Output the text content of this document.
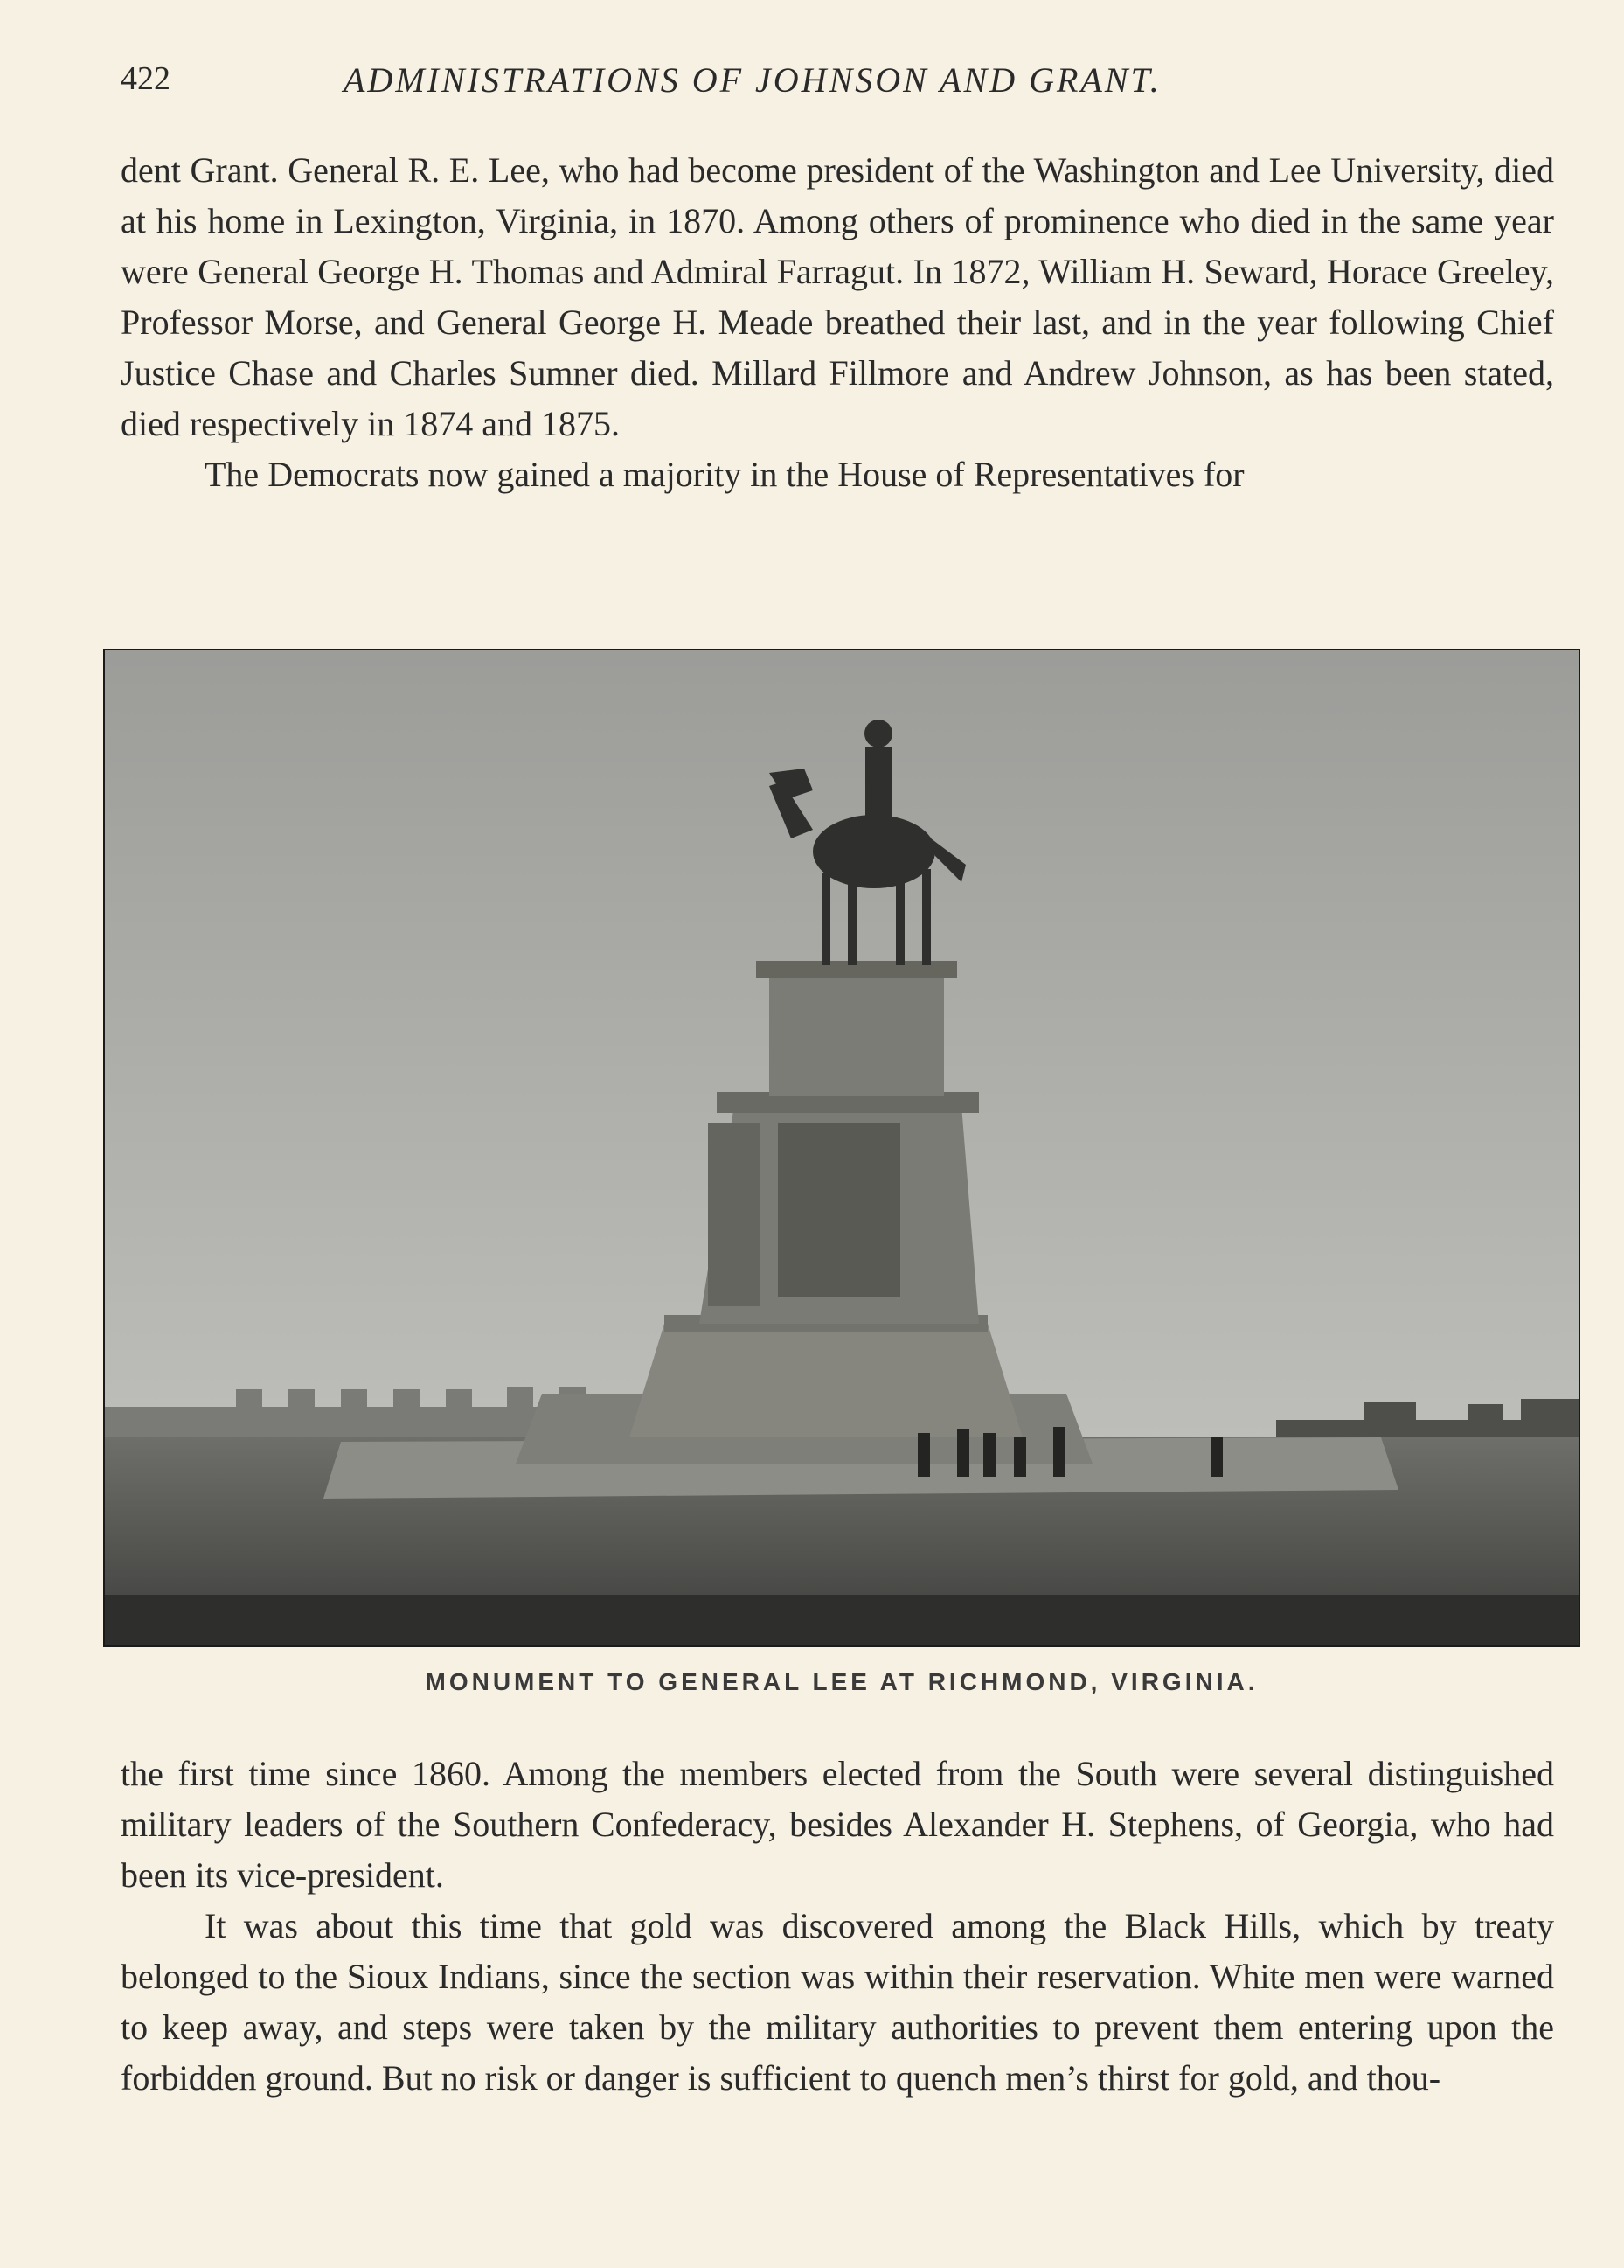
422	ADMINISTRATIONS OF JOHNSON AND GRANT.

dent Grant. General R. E. Lee, who had become president of the Washington and Lee University, died at his home in Lexington, Virginia, in 1870. Among others of prominence who died in the same year were General George H. Thomas and Admiral Farragut. In 1872, William H. Seward, Horace Greeley, Professor Morse, and General George H. Meade breathed their last, and in the year following Chief Justice Chase and Charles Sumner died. Millard Fillmore and Andrew Johnson, as has been stated, died respectively in 1874 and 1875.

The Democrats now gained a majority in the House of Representatives for

MONUMENT TO GENERAL LEE AT RICHMOND, VIRGINIA.

the first time since 1860. Among the members elected from the South were several distinguished military leaders of the Southern Confederacy, besides Alexander H. Stephens, of Georgia, who had been its vice-president.

It was about this time that gold was discovered among the Black Hills, which by treaty belonged to the Sioux Indians, since the section was within their reservation. White men were warned to keep away, and steps were taken by the military authorities to prevent them entering upon the forbidden ground. But no risk or danger is sufficient to quench men’s thirst for gold, and thou-
